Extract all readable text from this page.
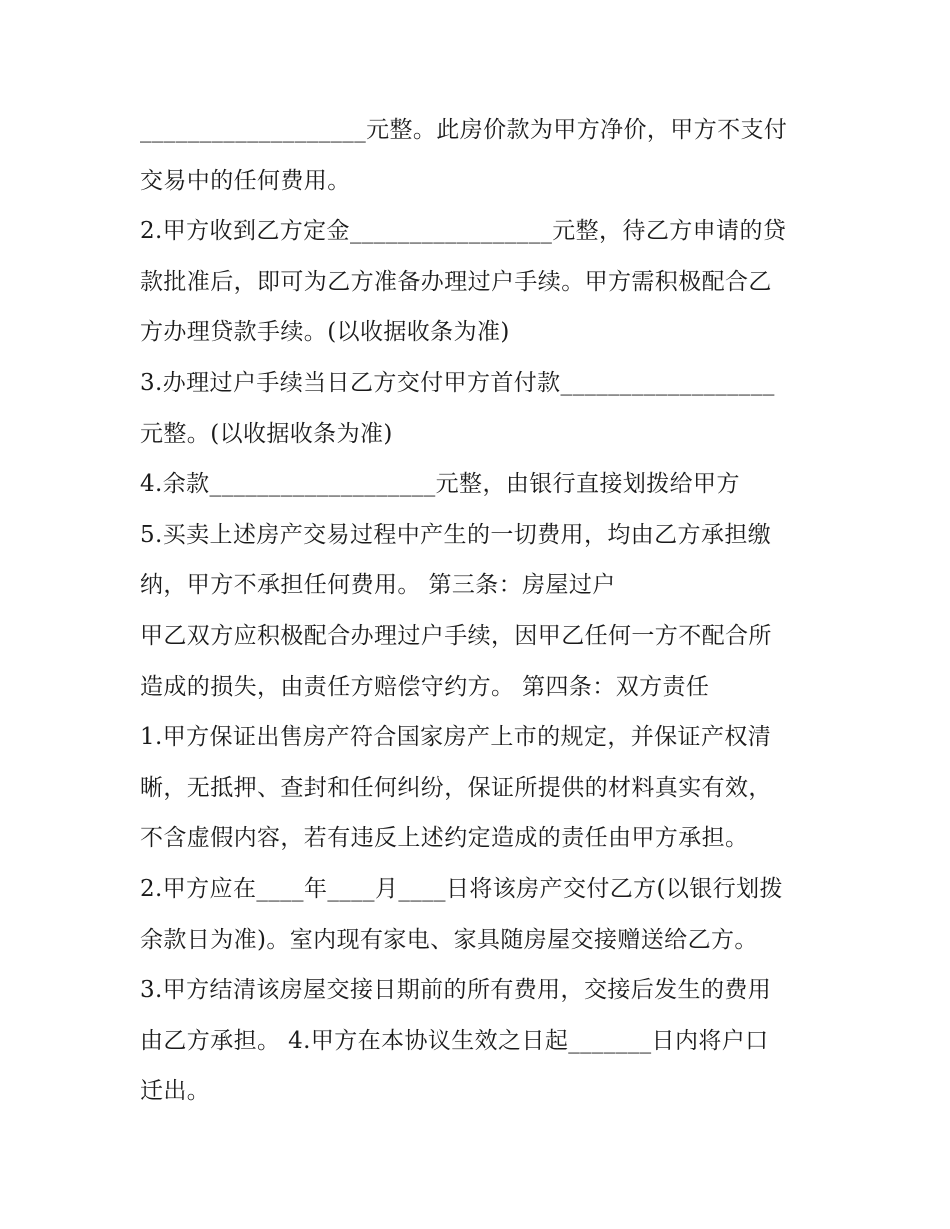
___________________元整。此房价款为甲方净价，甲方不支付
交易中的任何费用。
2.甲方收到乙方定金_________________元整，待乙方申请的贷
款批准后，即可为乙方准备办理过户手续。甲方需积极配合乙
方办理贷款手续。(以收据收条为准)
3.办理过户手续当日乙方交付甲方首付款__________________
元整。(以收据收条为准)
4.余款___________________元整，由银行直接划拨给甲方
5.买卖上述房产交易过程中产生的一切费用，均由乙方承担缴
纳，甲方不承担任何费用。 第三条：房屋过户
甲乙双方应积极配合办理过户手续，因甲乙任何一方不配合所
造成的损失，由责任方赔偿守约方。 第四条：双方责任
1.甲方保证出售房产符合国家房产上市的规定，并保证产权清
晰，无抵押、查封和任何纠纷，保证所提供的材料真实有效，
不含虚假内容，若有违反上述约定造成的责任由甲方承担。
2.甲方应在____年____月____日将该房产交付乙方(以银行划拨
余款日为准)。室内现有家电、家具随房屋交接赠送给乙方。
3.甲方结清该房屋交接日期前的所有费用，交接后发生的费用
由乙方承担。 4.甲方在本协议生效之日起_______日内将户口
迁出。
